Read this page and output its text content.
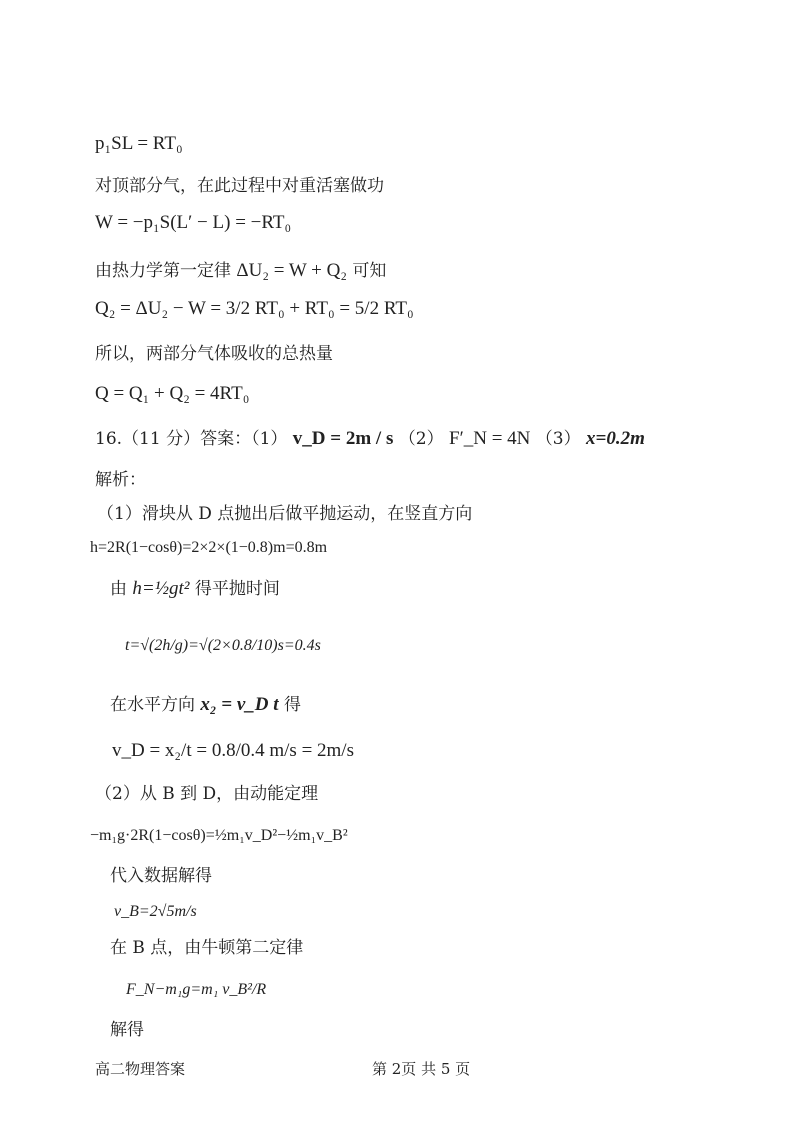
p₁SL = RT₀
对顶部分气，在此过程中对重活塞做功
W = −p₁S(L′ − L) = −RT₀
由热力学第一定律 ΔU₂ = W + Q₂ 可知
Q₂ = ΔU₂ − W = 3/2 RT₀ + RT₀ = 5/2 RT₀
所以，两部分气体吸收的总热量
Q = Q₁ + Q₂ = 4RT₀
16.（11 分）答案：（1） v_D = 2m / s （2） F′_N = 4N （3） x=0.2m
解析：
（1）滑块从 D 点抛出后做平抛运动，在竖直方向
h=2R(1−cosθ)=2×2×(1−0.8)m=0.8m
由 h=½gt² 得平抛时间
t=√(2h/g)=√(2×0.8/10)s=0.4s
在水平方向 x₂ = v_D t 得
v_D = x₂/t = 0.8/0.4 m/s = 2m/s
（2）从 B 到 D，由动能定理
−m₁g·2R(1−cosθ)=½m₁v_D²−½m₁v_B²
代入数据解得
v_B=2√5m/s
在 B 点，由牛顿第二定律
F_N−m₁g=m₁ v_B²/R
解得
高二物理答案	第 2页 共 5 页
